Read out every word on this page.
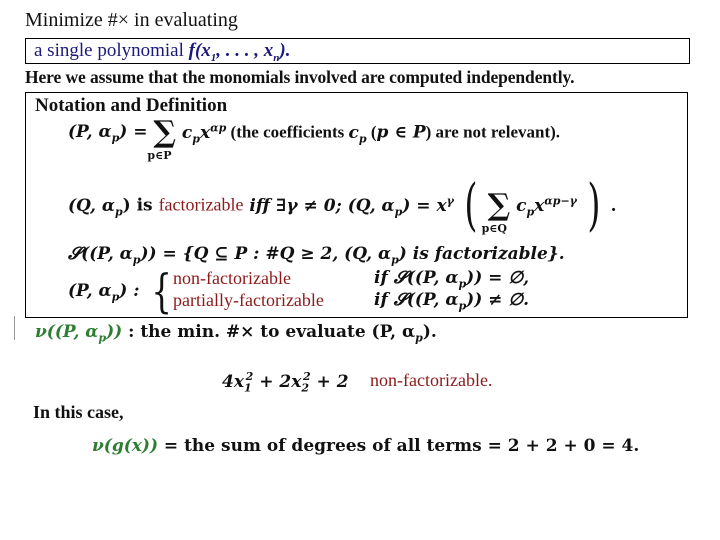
Minimize #× in evaluating
a single polynomial $f(x_1$, . . . , $x_n$).
Here we assume that the monomials involved are computed independently.
Notation and Definition
(P, $\alpha_p$) = ∑
p∈P
$c_px^{\alpha p}$ (the coefficients $c_p$ (p ∈ P) are not relevant).
(Q, $\alpha_p$) is factorizable iff ∃γ ≠ 0; (Q, $\alpha_p) = x^\gamma$ ( ∑
p∈Q
$c_px^{\alpha p-\gamma}$ ) .
𝓢((P, $\alpha_p)) = \{Q$ ⊆ P : #Q ≥ 2, (Q, $\alpha_p$) is factorizable}.
(P, $\alpha_p$) : { non-factorizable	if 𝓢((P, $\alpha_p$)) = ∅,
partially-factorizable	if 𝓢((P, $\alpha_p$)) ≠ ∅.
ν((P, $\alpha_p$)) : the min. #× to evaluate (P, $\alpha_p$).
$4x_1^2 + 2x_2^2 + 2$ non-factorizable.
In this case,
ν(g(x)) = the sum of degrees of all terms = 2 + 2 + 0 = 4.
